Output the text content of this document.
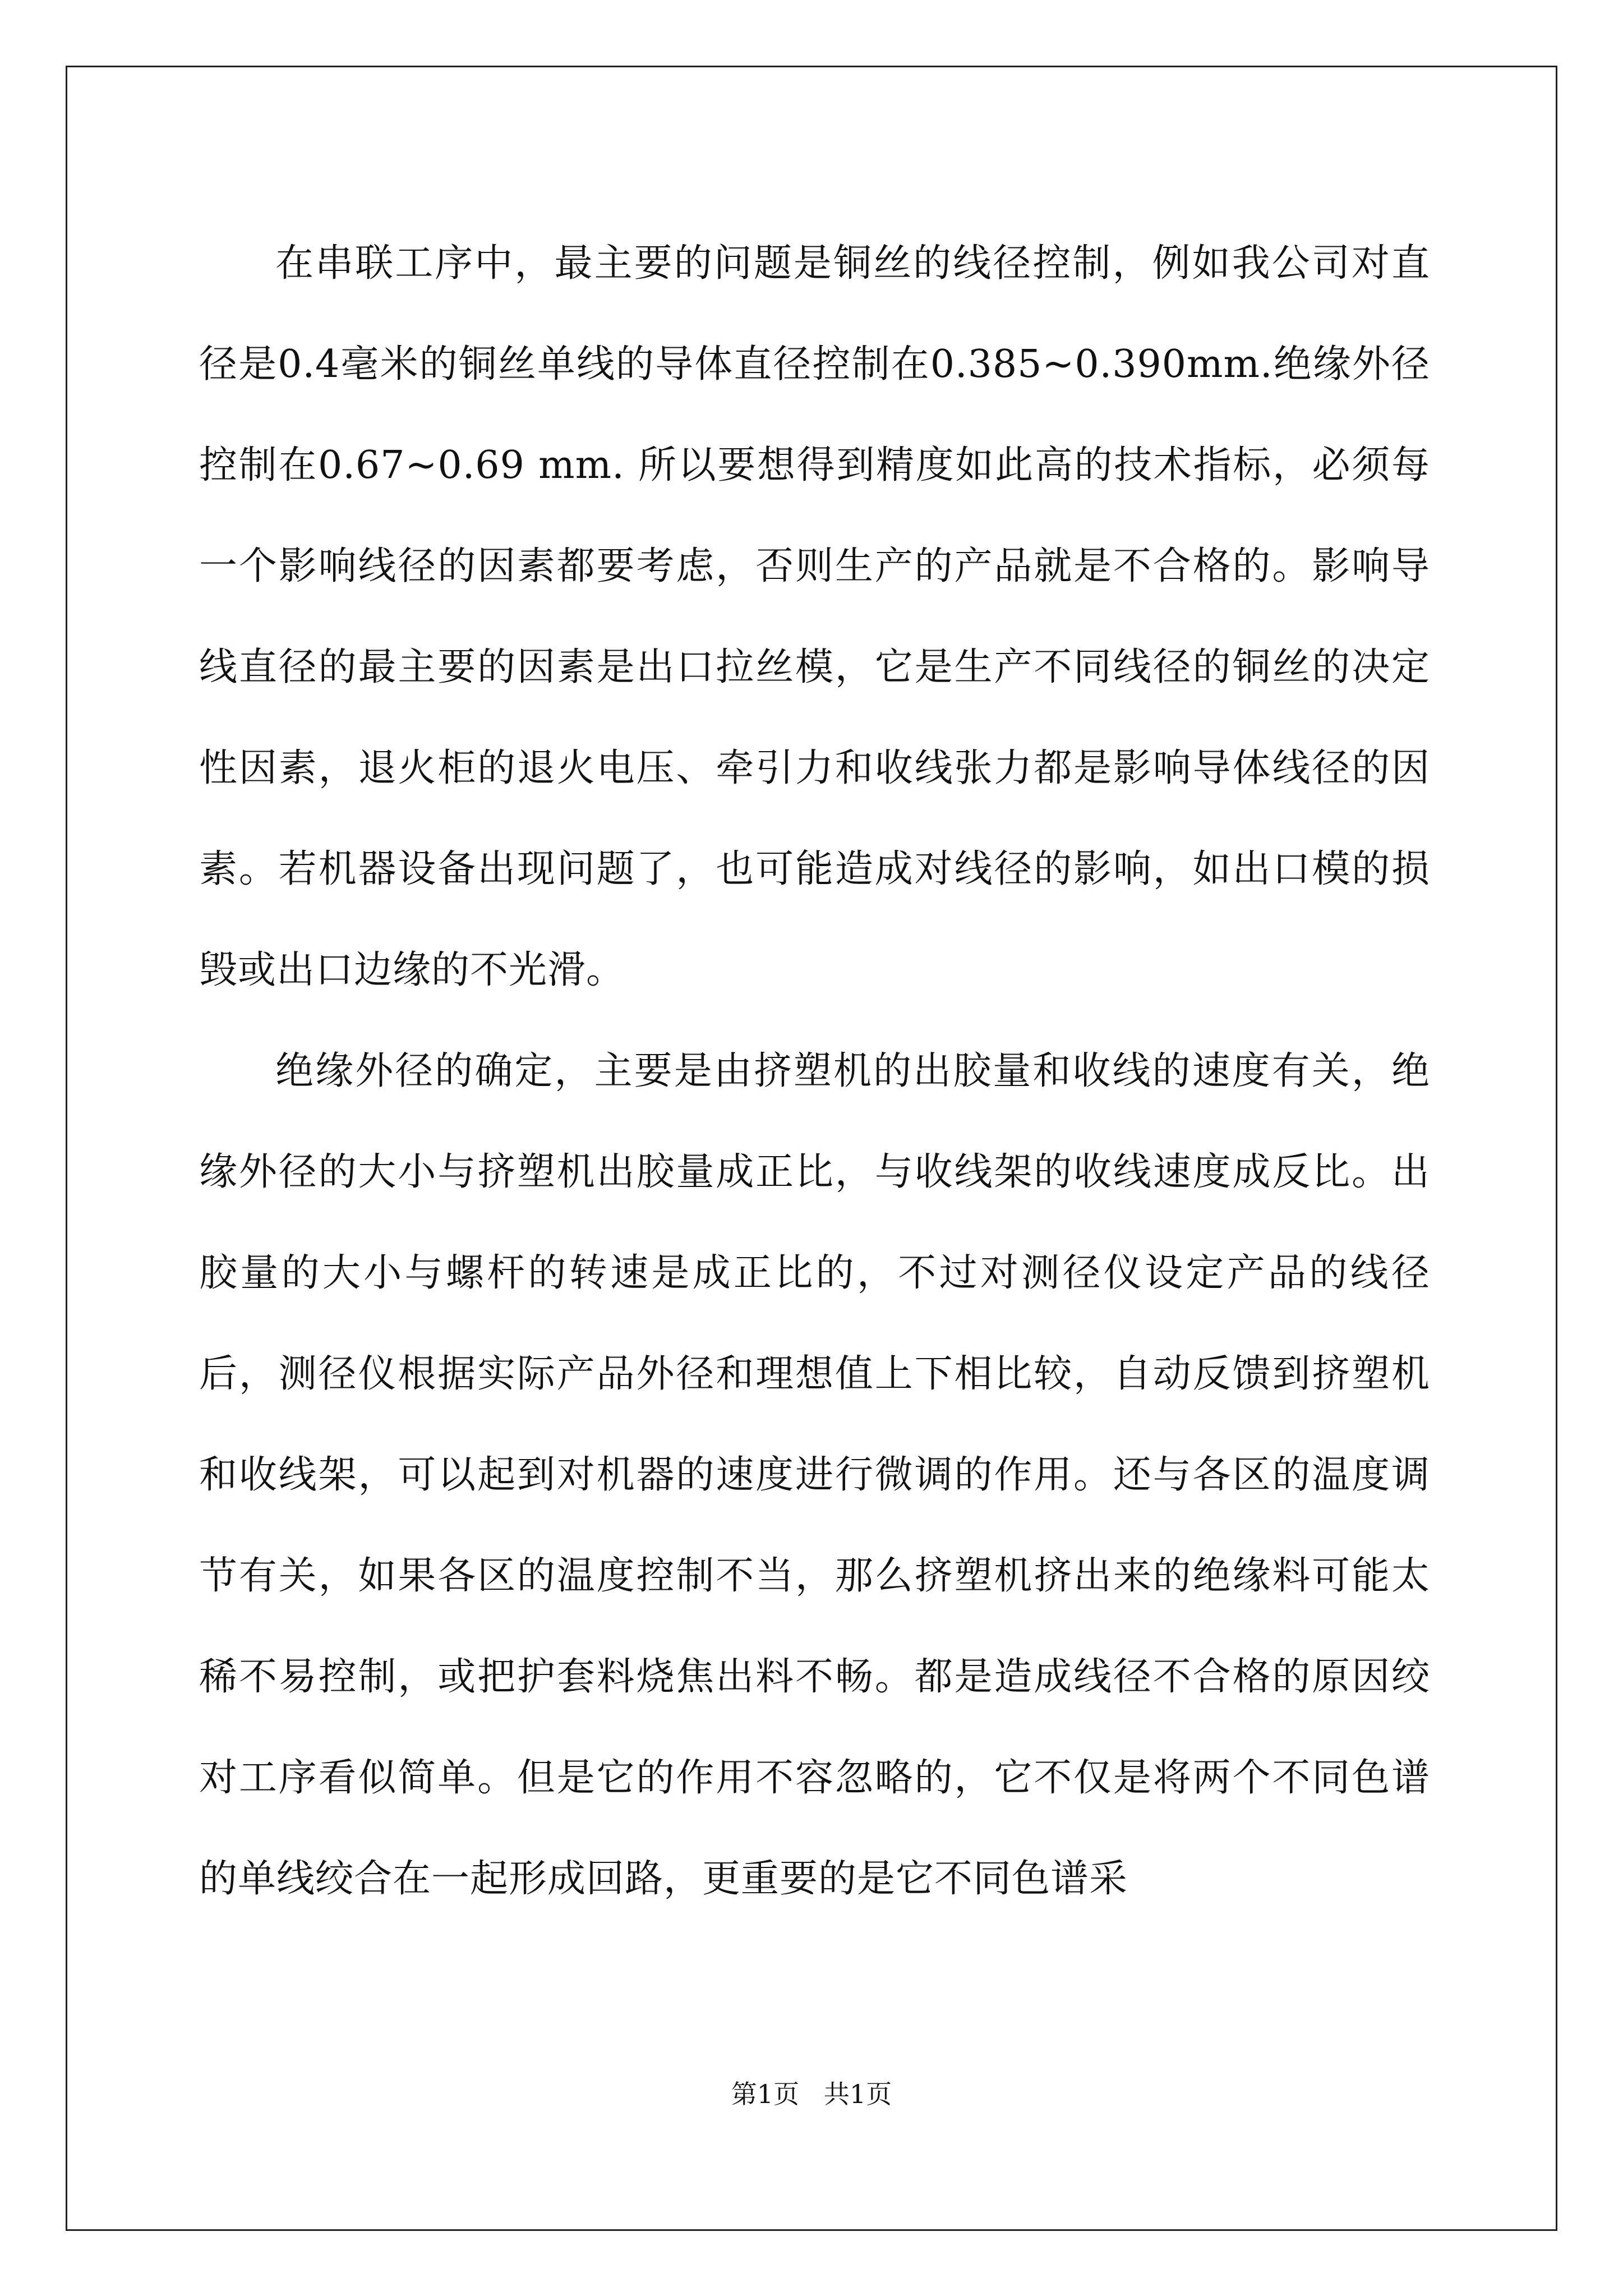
在串联工序中，最主要的问题是铜丝的线径控制，例如我公司对直径是0.4毫米的铜丝单线的导体直径控制在0.385~0.390mm.绝缘外径控制在0.67~0.69 mm. 所以要想得到精度如此高的技术指标，必须每一个影响线径的因素都要考虑，否则生产的产品就是不合格的。影响导线直径的最主要的因素是出口拉丝模，它是生产不同线径的铜丝的决定性因素，退火柜的退火电压、牵引力和收线张力都是影响导体线径的因素。若机器设备出现问题了，也可能造成对线径的影响，如出口模的损毁或出口边缘的不光滑。

绝缘外径的确定，主要是由挤塑机的出胶量和收线的速度有关，绝缘外径的大小与挤塑机出胶量成正比，与收线架的收线速度成反比。出胶量的大小与螺杆的转速是成正比的，不过对测径仪设定产品的线径后，测径仪根据实际产品外径和理想值上下相比较，自动反馈到挤塑机和收线架，可以起到对机器的速度进行微调的作用。还与各区的温度调节有关，如果各区的温度控制不当，那么挤塑机挤出来的绝缘料可能太稀不易控制，或把护套料烧焦出料不畅。都是造成线径不合格的原因绞对工序看似简单。但是它的作用不容忽略的，它不仅是将两个不同色谱的单线绞合在一起形成回路，更重要的是它不同色谱采

第1页   共1页
